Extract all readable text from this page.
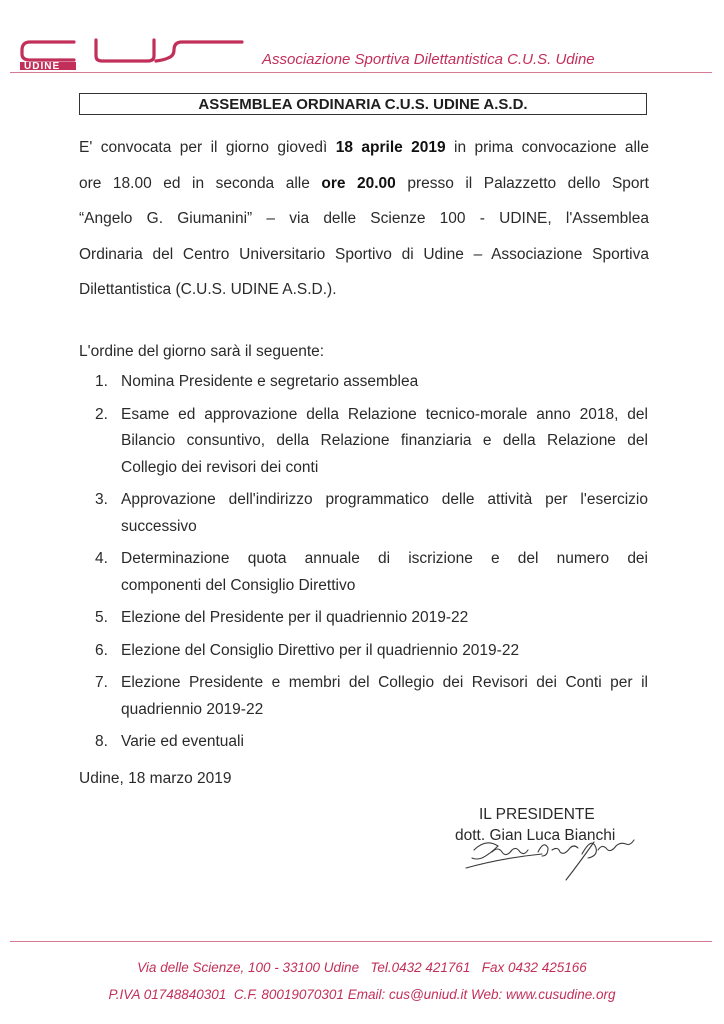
UDINE	Associazione Sportiva Dilettantistica C.U.S. Udine
ASSEMBLEA ORDINARIA C.U.S. UDINE A.S.D.
E' convocata per il giorno giovedì 18 aprile 2019 in prima convocazione alle
ore 18.00 ed in seconda alle ore 20.00 presso il Palazzetto dello Sport
“Angelo G. Giumanini” – via delle Scienze 100 - UDINE, l'Assemblea
Ordinaria del Centro Universitario Sportivo di Udine – Associazione Sportiva
Dilettantistica (C.U.S. UDINE A.S.D.).
L'ordine del giorno sarà il seguente:
1. Nomina Presidente e segretario assemblea
2. Esame ed approvazione della Relazione tecnico-morale anno 2018, del
Bilancio consuntivo, della Relazione finanziaria e della Relazione del
Collegio dei revisori dei conti
3. Approvazione dell'indirizzo programmatico delle attività per l'esercizio
successivo
4. Determinazione quota annuale di iscrizione e del numero dei
componenti del Consiglio Direttivo
5. Elezione del Presidente per il quadriennio 2019-22
6. Elezione del Consiglio Direttivo per il quadriennio 2019-22
7. Elezione Presidente e membri del Collegio dei Revisori dei Conti per il
quadriennio 2019-22
8. Varie ed eventuali
Udine, 18 marzo 2019
IL PRESIDENTE
dott. Gian Luca Bianchi
Via delle Scienze, 100 - 33100 Udine Tel.0432 421761 Fax 0432 425166
P.IVA 01748840301 C.F. 80019070301 Email: cus@uniud.it Web: www.cusudine.org
